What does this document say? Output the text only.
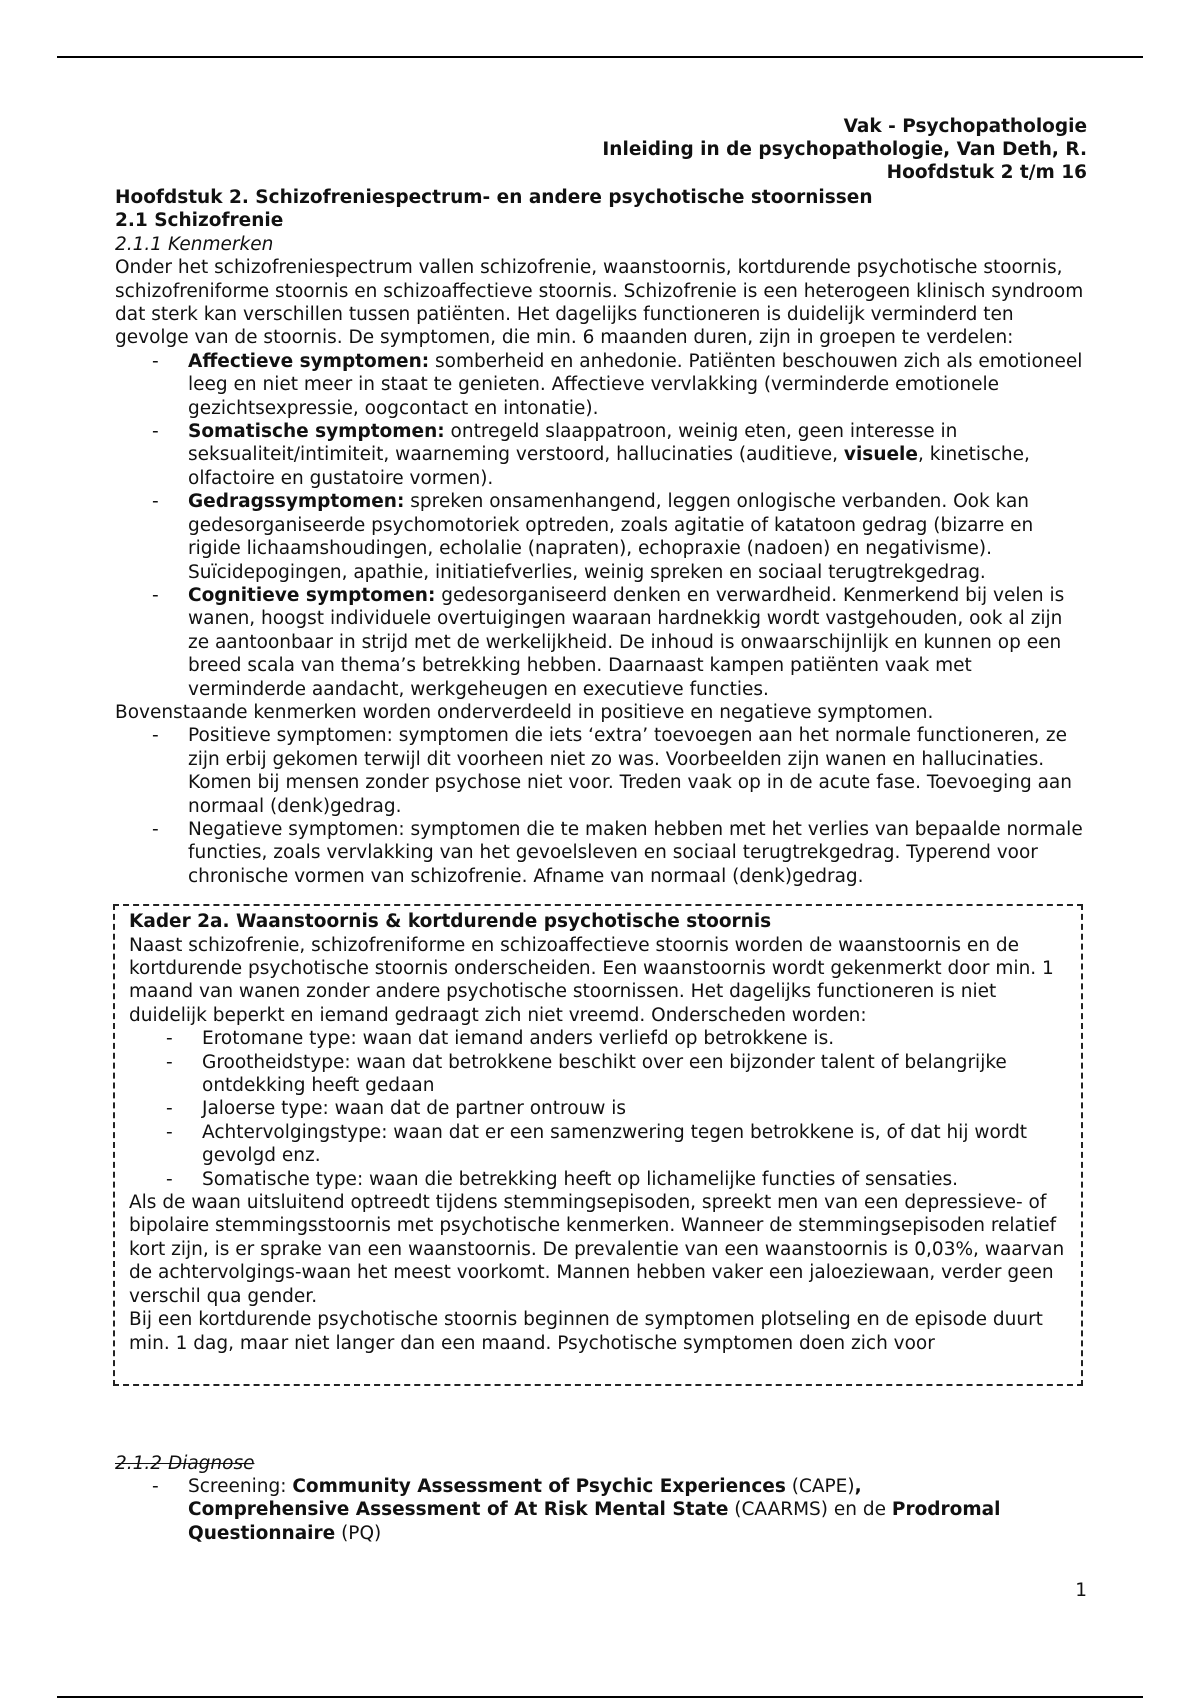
Vak - Psychopathologie
Inleiding in de psychopathologie, Van Deth, R.
Hoofdstuk 2 t/m 16
Hoofdstuk 2. Schizofreniespectrum- en andere psychotische stoornissen
2.1 Schizofrenie
2.1.1 Kenmerken

Onder het schizofreniespectrum vallen schizofrenie, waanstoornis, kortdurende psychotische stoornis, schizofreniforme stoornis en schizoaffectieve stoornis. Schizofrenie is een heterogeen klinisch syndroom dat sterk kan verschillen tussen patiënten. Het dagelijks functioneren is duidelijk verminderd ten gevolge van de stoornis. De symptomen, die min. 6 maanden duren, zijn in groepen te verdelen:

- Affectieve symptomen: somberheid en anhedonie. Patiënten beschouwen zich als emotioneel leeg en niet meer in staat te genieten. Affectieve vervlakking (verminderde emotionele gezichtsexpressie, oogcontact en intonatie).
- Somatische symptomen: ontregeld slaappatroon, weinig eten, geen interesse in seksualiteit/intimiteit, waarneming verstoord, hallucinaties (auditieve, visuele, kinetische, olfactoire en gustatoire vormen).
- Gedragssymptomen: spreken onsamenhangend, leggen onlogische verbanden. Ook kan gedesorganiseerde psychomotoriek optreden, zoals agitatie of katatoon gedrag (bizarre en rigide lichaamshoudingen, echolalie (napraten), echopraxie (nadoen) en negativisme). Suïcidepogingen, apathie, initiatiefverlies, weinig spreken en sociaal terugtrekgedrag.
- Cognitieve symptomen: gedesorganiseerd denken en verwardheid. Kenmerkend bij velen is wanen, hoogst individuele overtuigingen waaraan hardnekkig wordt vastgehouden, ook al zijn ze aantoonbaar in strijd met de werkelijkheid. De inhoud is onwaarschijnlijk en kunnen op een breed scala van thema’s betrekking hebben. Daarnaast kampen patiënten vaak met verminderde aandacht, werkgeheugen en executieve functies.

Bovenstaande kenmerken worden onderverdeeld in positieve en negatieve symptomen.

- Positieve symptomen: symptomen die iets ‘extra’ toevoegen aan het normale functioneren, ze zijn erbij gekomen terwijl dit voorheen niet zo was. Voorbeelden zijn wanen en hallucinaties. Komen bij mensen zonder psychose niet voor. Treden vaak op in de acute fase. Toevoeging aan normaal (denk)gedrag.
- Negatieve symptomen: symptomen die te maken hebben met het verlies van bepaalde normale functies, zoals vervlakking van het gevoelsleven en sociaal terugtrekgedrag. Typerend voor chronische vormen van schizofrenie. Afname van normaal (denk)gedrag.
Kader 2a. Waanstoornis & kortdurende psychotische stoornis

Naast schizofrenie, schizofreniforme en schizoaffectieve stoornis worden de waanstoornis en de kortdurende psychotische stoornis onderscheiden. Een waanstoornis wordt gekenmerkt door min. 1 maand van wanen zonder andere psychotische stoornissen. Het dagelijks functioneren is niet duidelijk beperkt en iemand gedraagt zich niet vreemd. Onderscheden worden:

- Erotomane type: waan dat iemand anders verliefd op betrokkene is.
- Grootheidstype: waan dat betrokkene beschikt over een bijzonder talent of belangrijke ontdekking heeft gedaan
- Jaloerse type: waan dat de partner ontrouw is
- Achtervolgingstype: waan dat er een samenzwering tegen betrokkene is, of dat hij wordt gevolgd enz.
- Somatische type: waan die betrekking heeft op lichamelijke functies of sensaties.

Als de waan uitsluitend optreedt tijdens stemmingsepisoden, spreekt men van een depressieve- of bipolaire stemmingsstoornis met psychotische kenmerken. Wanneer de stemmingsepisoden relatief kort zijn, is er sprake van een waanstoornis. De prevalentie van een waanstoornis is 0,03%, waarvan de achtervolgings-waan het meest voorkomt. Mannen hebben vaker een jaloeziewaan, verder geen verschil qua gender.

Bij een kortdurende psychotische stoornis beginnen de symptomen plotseling en de episode duurt min. 1 dag, maar niet langer dan een maand. Psychotische symptomen doen zich voor

2.1.2 Diagnose
- Screening: Community Assessment of Psychic Experiences (CAPE),
Comprehensive Assessment of At Risk Mental State (CAARMS) en de Prodromal Questionnaire (PQ)
1
